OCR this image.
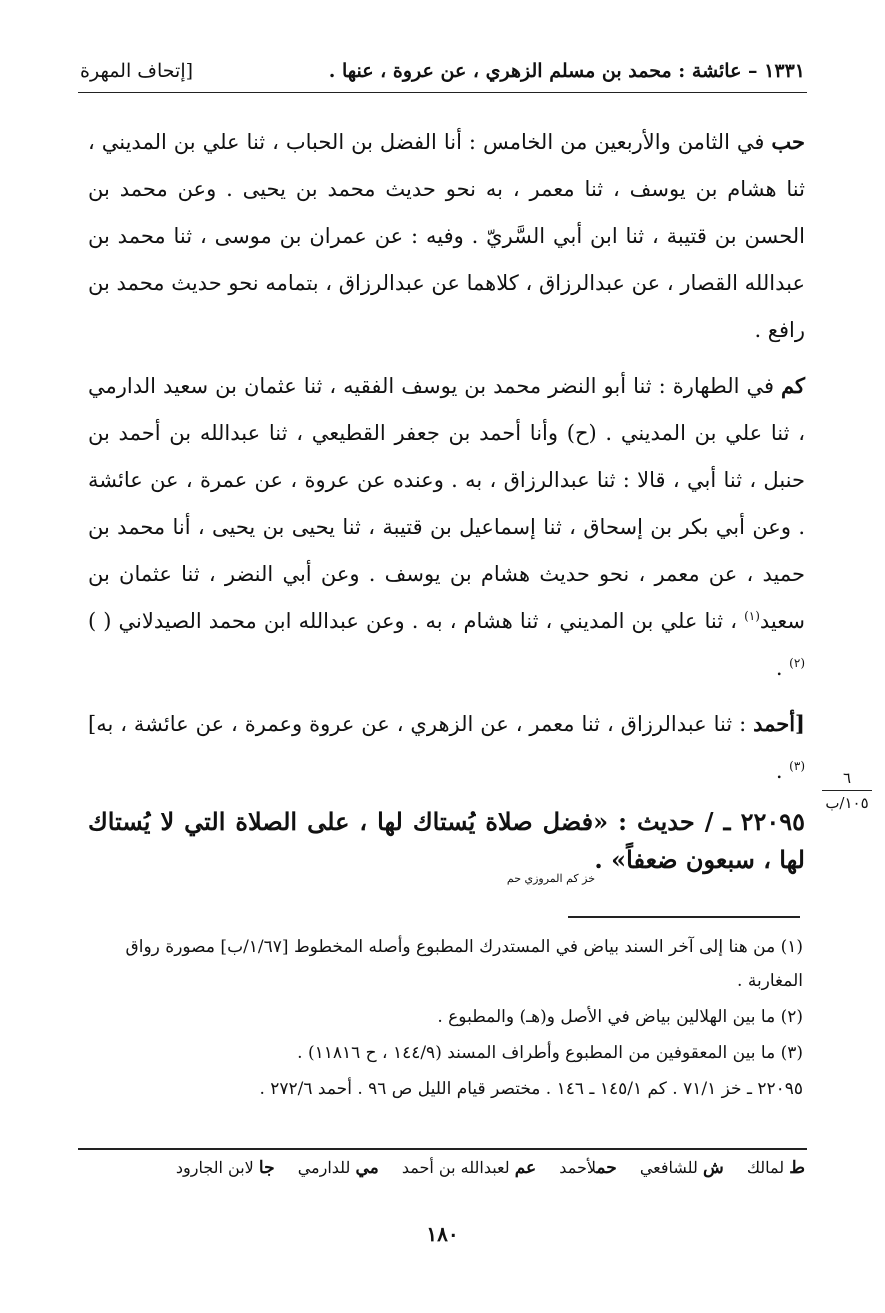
١٣٣١ – عائشة : محمد بن مسلم الزهري ، عن عروة ، عنها .
[إتحاف المهرة

حب في الثامن والأربعين من الخامس : أنا الفضل بن الحباب ، ثنا علي بن المديني ، ثنا هشام بن يوسف ، ثنا معمر ، به نحو حديث محمد بن يحيى . وعن محمد بن الحسن بن قتيبة ، ثنا ابن أبي السَّريّ . وفيه : عن عمران بن موسى ، ثنا محمد بن عبدالله القصار ، عن عبدالرزاق ، كلاهما عن عبدالرزاق ، بتمامه نحو حديث محمد بن رافع .

كم في الطهارة : ثنا أبو النضر محمد بن يوسف الفقيه ، ثنا عثمان بن سعيد الدارمي ، ثنا علي بن المديني . (ح) وأنا أحمد بن جعفر القطيعي ، ثنا عبدالله بن أحمد بن حنبل ، ثنا أبي ، قالا : ثنا عبدالرزاق ، به . وعنده عن عروة ، عن عمرة ، عن عائشة . وعن أبي بكر بن إسحاق ، ثنا إسماعيل بن قتيبة ، ثنا يحيى بن يحيى ، أنا محمد بن حميد ، عن معمر ، نحو حديث هشام بن يوسف . وعن أبي النضر ، ثنا عثمان بن سعيد$^{(١)}$ ، ثنا علي بن المديني ، ثنا هشام ، به . وعن عبدالله ابن محمد الصيدلاني ( )$^{(٢)}$ .

[أحمد : ثنا عبدالرزاق ، ثنا معمر ، عن الزهري ، عن عروة وعمرة ، عن عائشة ، به]$^{(٣)}$ .

٢٢٠٩٥ ـ / حديث : «فضل صلاة يُستاك لها ، على الصلاة التي لا يُستاك لها ، سبعون ضعفاً» .
خز كم المروزي حم
٦
١٠٥/ب

(١) من هنا إلى آخر السند بياض في المستدرك المطبوع وأصله المخطوط [١/٦٧/ب] مصورة رواق المغاربة .

(٢) ما بين الهلالين بياض في الأصل و(هـ) والمطبوع .

(٣) ما بين المعقوفين من المطبوع وأطراف المسند (١٤٤/٩ ، ح ١١٨١٦) .

٢٢٠٩٥ ـ خز ٧١/١ . كم ١٤٥/١ ـ ١٤٦ . مختصر قيام الليل ص ٩٦ . أحمد ٢٧٢/٦ .

ط لمالك ش للشافعي حملأحمد عم لعبدالله بن أحمد مي للدارمي جا لابن الجارود
١٨٠
